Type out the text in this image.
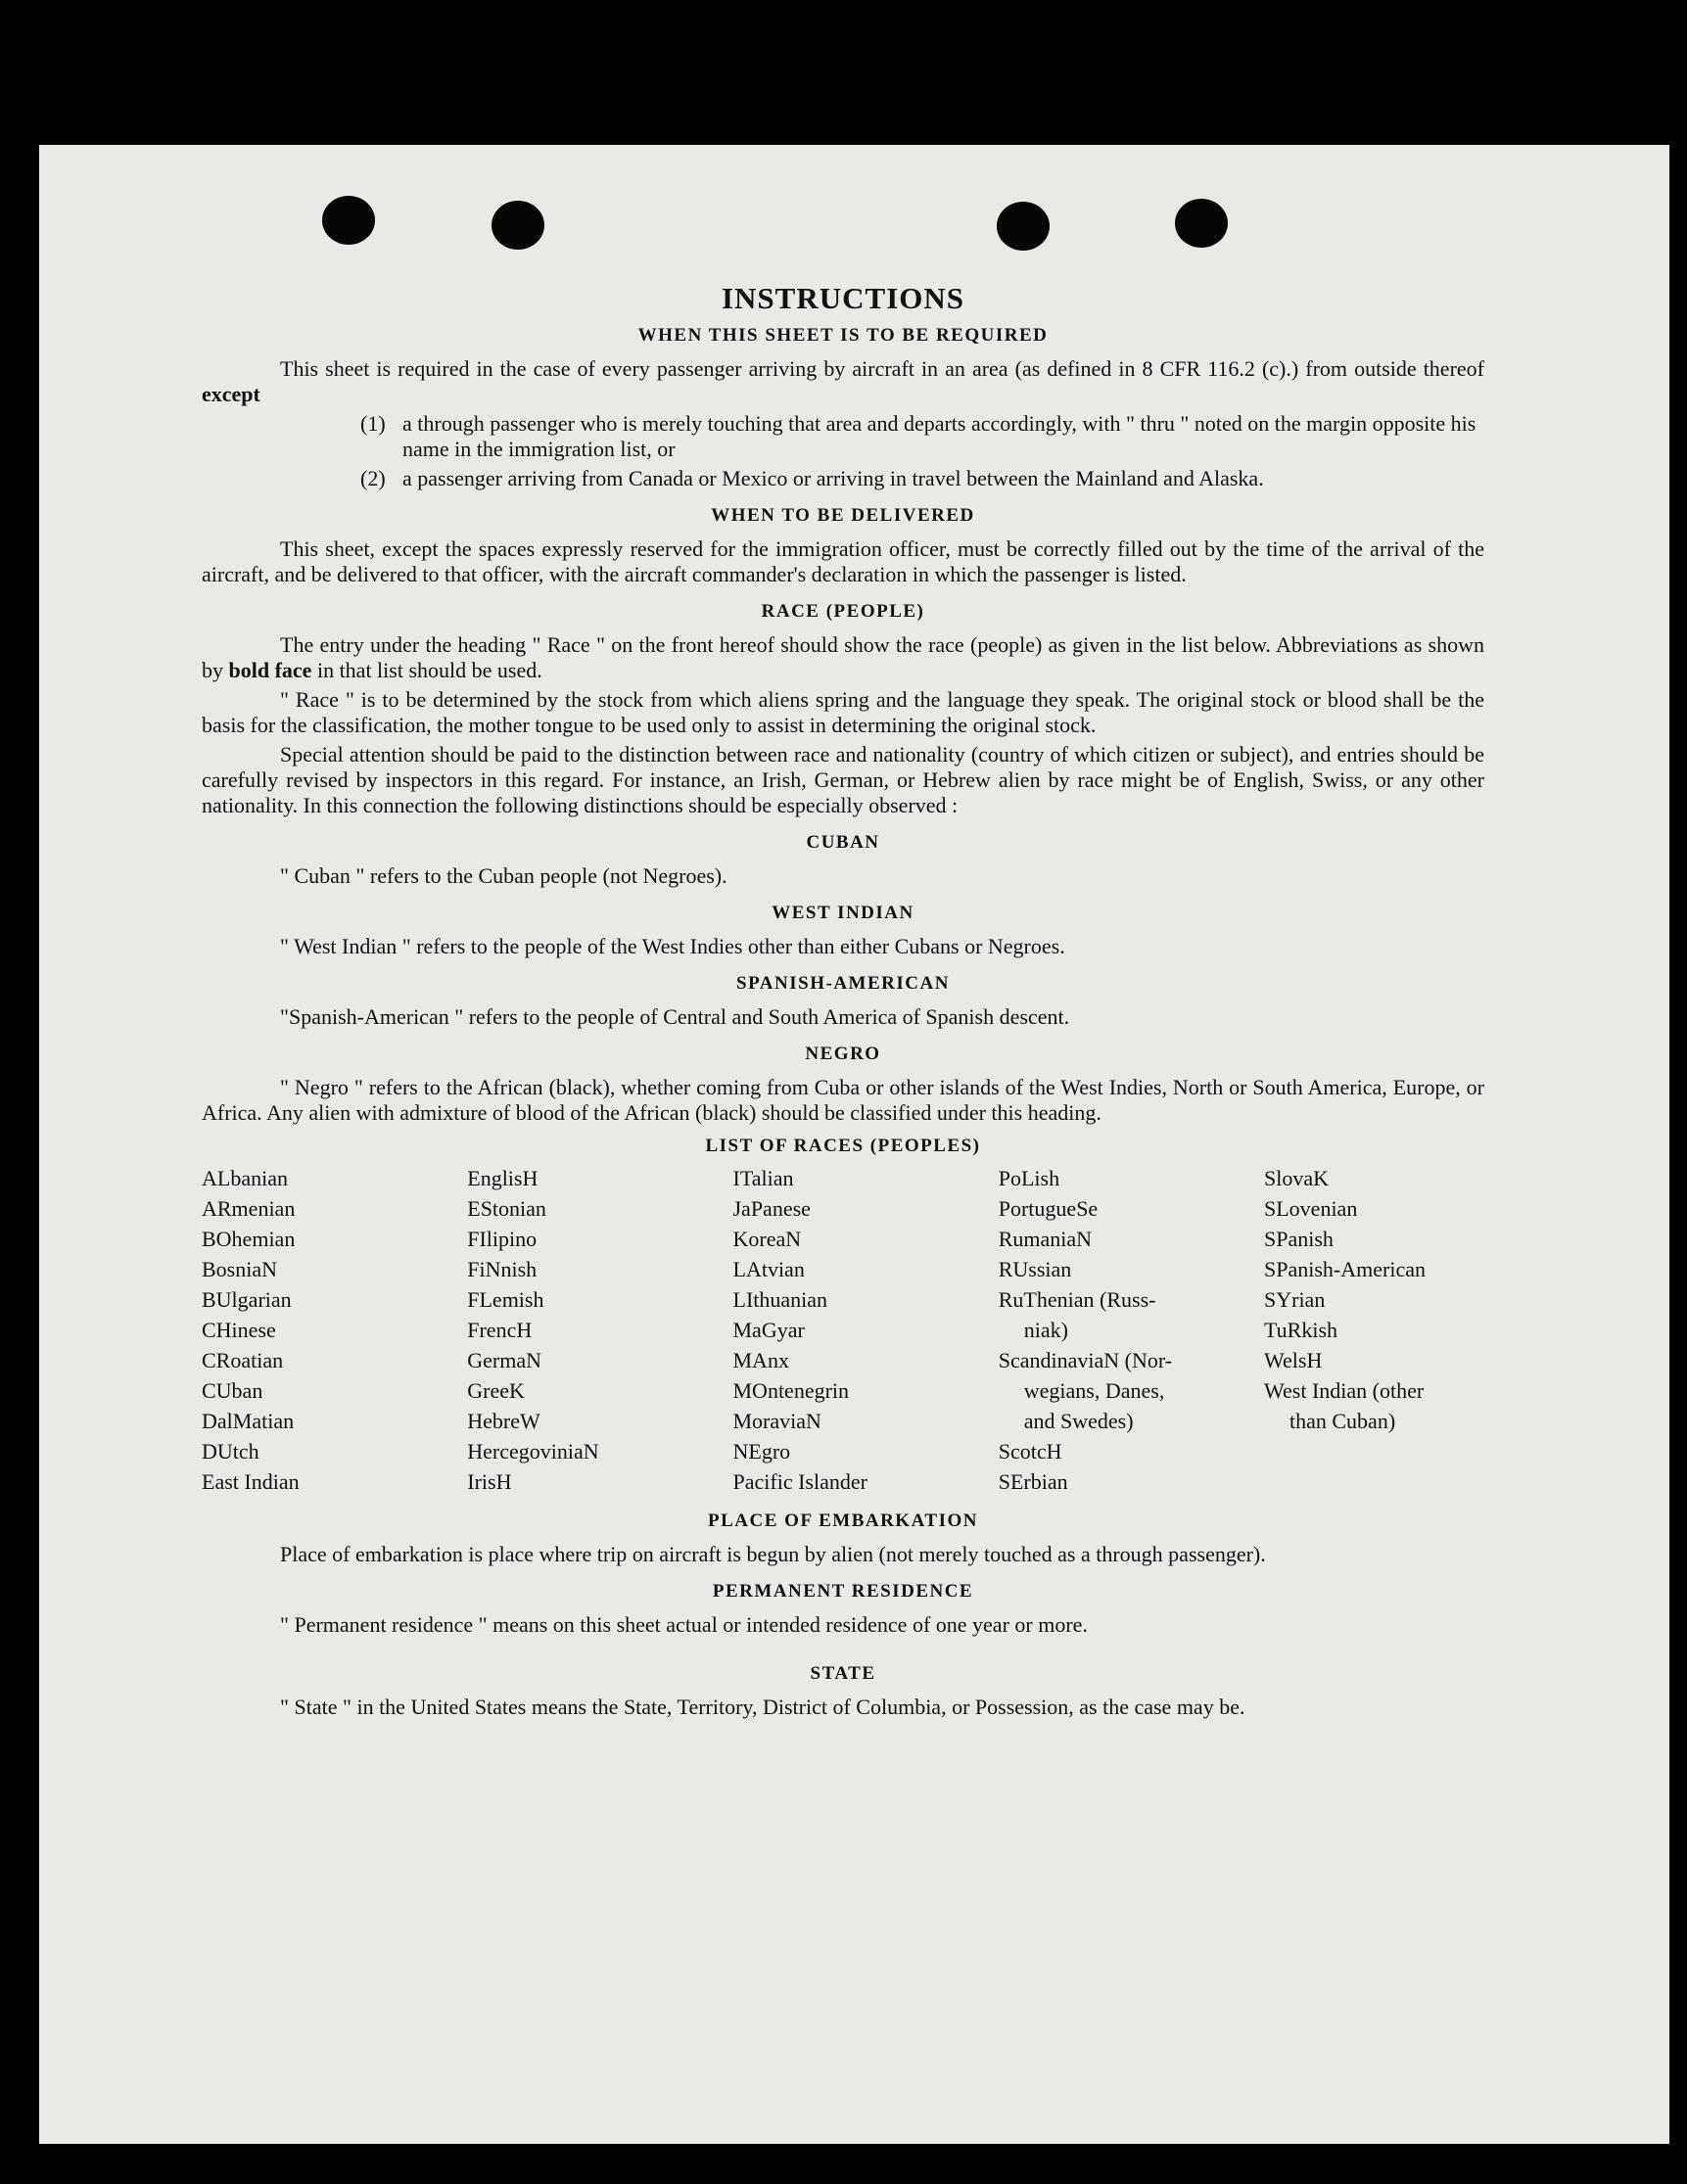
INSTRUCTIONS
WHEN THIS SHEET IS TO BE REQUIRED
This sheet is required in the case of every passenger arriving by aircraft in an area (as defined in 8 CFR 116.2 (c).) from outside thereof except
(1) a through passenger who is merely touching that area and departs accordingly, with " thru " noted on the margin opposite his name in the immigration list, or
(2) a passenger arriving from Canada or Mexico or arriving in travel between the Mainland and Alaska.
WHEN TO BE DELIVERED
This sheet, except the spaces expressly reserved for the immigration officer, must be correctly filled out by the time of the arrival of the aircraft, and be delivered to that officer, with the aircraft commander's declaration in which the passenger is listed.
RACE (PEOPLE)
The entry under the heading " Race " on the front hereof should show the race (people) as given in the list below. Abbreviations as shown by bold face in that list should be used.
" Race " is to be determined by the stock from which aliens spring and the language they speak. The original stock or blood shall be the basis for the classification, the mother tongue to be used only to assist in determining the original stock.
Special attention should be paid to the distinction between race and nationality (country of which citizen or subject), and entries should be carefully revised by inspectors in this regard. For instance, an Irish, German, or Hebrew alien by race might be of English, Swiss, or any other nationality. In this connection the following distinctions should be especially observed :
CUBAN
" Cuban " refers to the Cuban people (not Negroes).
WEST INDIAN
" West Indian " refers to the people of the West Indies other than either Cubans or Negroes.
SPANISH-AMERICAN
"Spanish-American " refers to the people of Central and South America of Spanish descent.
NEGRO
" Negro " refers to the African (black), whether coming from Cuba or other islands of the West Indies, North or South America, Europe, or Africa. Any alien with admixture of blood of the African (black) should be classified under this heading.
LIST OF RACES (PEOPLES)
ALbanian
ARmenian
BOhemian
BosniaN
BUlgarian
CHinese
CRoatian
CUban
DalMatian
DUtch
East Indian
EnglisH
EStonian
FIlipino
FiNnish
FLemish
FrencH
GermaN
GreeK
HebreW
HercegoviniaN
IrisH
ITalian
JaPanese
KoreaN
LAtvian
LIthuanian
MaGyar
MAnx
MOntenegrin
MoraviaN
NEgro
Pacific Islander
PoLish
PortugueSe
RumaniaN
RUssian
RuThenian (Russ-
niak)
ScandinaviaN (Nor-
wegians, Danes,
and Swedes)
ScotcH
SErbian
SlovaK
SLovenian
SPanish
SPanish-American
SYrian
TuRkish
WelsH
West Indian (other
than Cuban)
PLACE OF EMBARKATION
Place of embarkation is place where trip on aircraft is begun by alien (not merely touched as a through passenger).
PERMANENT RESIDENCE
" Permanent residence " means on this sheet actual or intended residence of one year or more.
STATE
" State " in the United States means the State, Territory, District of Columbia, or Possession, as the case may be.
